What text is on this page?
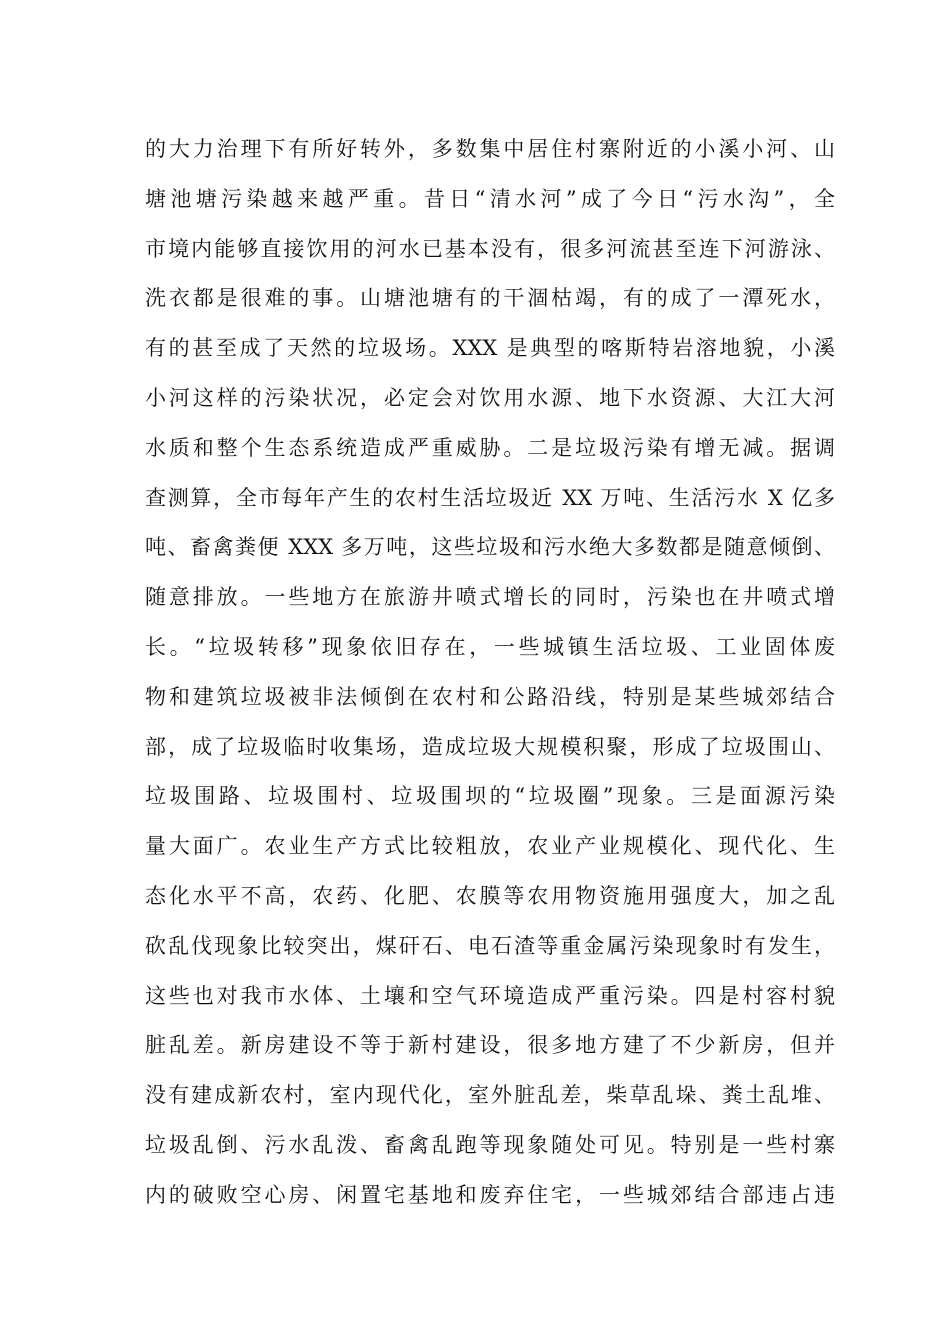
的大力治理下有所好转外，多数集中居住村寨附近的小溪小河、山
塘池塘污染越来越严重。昔日“清水河”成了今日“污水沟”，全
市境内能够直接饮用的河水已基本没有，很多河流甚至连下河游泳、
洗衣都是很难的事。山塘池塘有的干涸枯竭，有的成了一潭死水，
有的甚至成了天然的垃圾场。XXX 是典型的喀斯特岩溶地貌，小溪
小河这样的污染状况，必定会对饮用水源、地下水资源、大江大河
水质和整个生态系统造成严重威胁。二是垃圾污染有增无减。据调
查测算，全市每年产生的农村生活垃圾近 XX 万吨、生活污水 X 亿多
吨、畜禽粪便 XXX 多万吨，这些垃圾和污水绝大多数都是随意倾倒、
随意排放。一些地方在旅游井喷式增长的同时，污染也在井喷式增
长。“垃圾转移”现象依旧存在，一些城镇生活垃圾、工业固体废
物和建筑垃圾被非法倾倒在农村和公路沿线，特别是某些城郊结合
部，成了垃圾临时收集场，造成垃圾大规模积聚，形成了垃圾围山、
垃圾围路、垃圾围村、垃圾围坝的“垃圾圈”现象。三是面源污染
量大面广。农业生产方式比较粗放，农业产业规模化、现代化、生
态化水平不高，农药、化肥、农膜等农用物资施用强度大，加之乱
砍乱伐现象比较突出，煤矸石、电石渣等重金属污染现象时有发生，
这些也对我市水体、土壤和空气环境造成严重污染。四是村容村貌
脏乱差。新房建设不等于新村建设，很多地方建了不少新房，但并
没有建成新农村，室内现代化，室外脏乱差，柴草乱垛、粪土乱堆、
垃圾乱倒、污水乱泼、畜禽乱跑等现象随处可见。特别是一些村寨
内的破败空心房、闲置宅基地和废弃住宅，一些城郊结合部违占违
